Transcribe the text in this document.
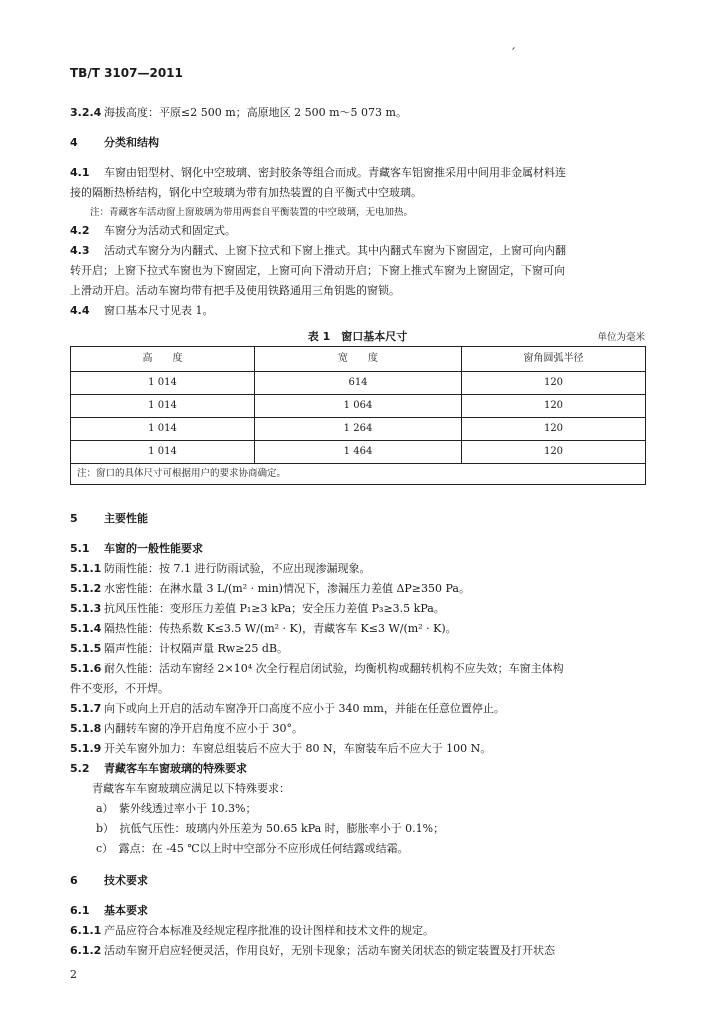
TB/T 3107—2011
3.2.4 海拔高度：平原≤2 500 m；高原地区 2 500 m～5 073 m。
4 分类和结构
4.1 车窗由铝型材、钢化中空玻璃、密封胶条等组合而成。青藏客车铝窗推采用中间用非金属材料连
接的隔断热桥结构，钢化中空玻璃为带有加热装置的自平衡式中空玻璃。
注：青藏客车活动窗上窗玻璃为带用两套自平衡装置的中空玻璃，无电加热。
4.2 车窗分为活动式和固定式。
4.3 活动式车窗分为内翻式、上窗下拉式和下窗上推式。其中内翻式车窗为下窗固定，上窗可向内翻
转开启；上窗下拉式车窗也为下窗固定，上窗可向下滑动开启；下窗上推式车窗为上窗固定，下窗可向
上滑动开启。活动车窗均带有把手及使用铁路通用三角钥匙的窗锁。
4.4 窗口基本尺寸见表 1。
表 1　窗口基本尺寸	单位为毫米
高　　度	宽　　度	窗角圆弧半径
1 014	614	120
1 014	1 064	120
1 014	1 264	120
1 014	1 464	120
注：窗口的具体尺寸可根据用户的要求协商确定。		
5 主要性能
5.1 车窗的一般性能要求
5.1.1 防雨性能：按 7.1 进行防雨试验，不应出现渗漏现象。
5.1.2 水密性能：在淋水量 3 L/(m² · min)情况下，渗漏压力差值 ΔP≥350 Pa。
5.1.3 抗风压性能：变形压力差值 P₁≥3 kPa；安全压力差值 P₃≥3.5 kPa。
5.1.4 隔热性能：传热系数 K≤3.5 W/(m² · K)，青藏客车 K≤3 W/(m² · K)。
5.1.5 隔声性能：计权隔声量 Rw≥25 dB。
5.1.6 耐久性能：活动车窗经 2×10⁴ 次全行程启闭试验，均衡机构或翻转机构不应失效；车窗主体构
件不变形，不开焊。
5.1.7 向下或向上开启的活动车窗净开口高度不应小于 340 mm，并能在任意位置停止。
5.1.8 内翻转车窗的净开启角度不应小于 30°。
5.1.9 开关车窗外加力：车窗总组装后不应大于 80 N，车窗装车后不应大于 100 N。
5.2 青藏客车车窗玻璃的特殊要求
青藏客车车窗玻璃应满足以下特殊要求：
a）　紫外线透过率小于 10.3%；
b）　抗低气压性：玻璃内外压差为 50.65 kPa 时，膨胀率小于 0.1%；
c）　露点：在 -45 ℃以上时中空部分不应形成任何结露或结霜。
6 技术要求
6.1 基本要求
6.1.1 产品应符合本标准及经规定程序批准的设计图样和技术文件的规定。
6.1.2 活动车窗开启应轻便灵活，作用良好，无别卡现象；活动车窗关闭状态的锁定装置及打开状态
2
